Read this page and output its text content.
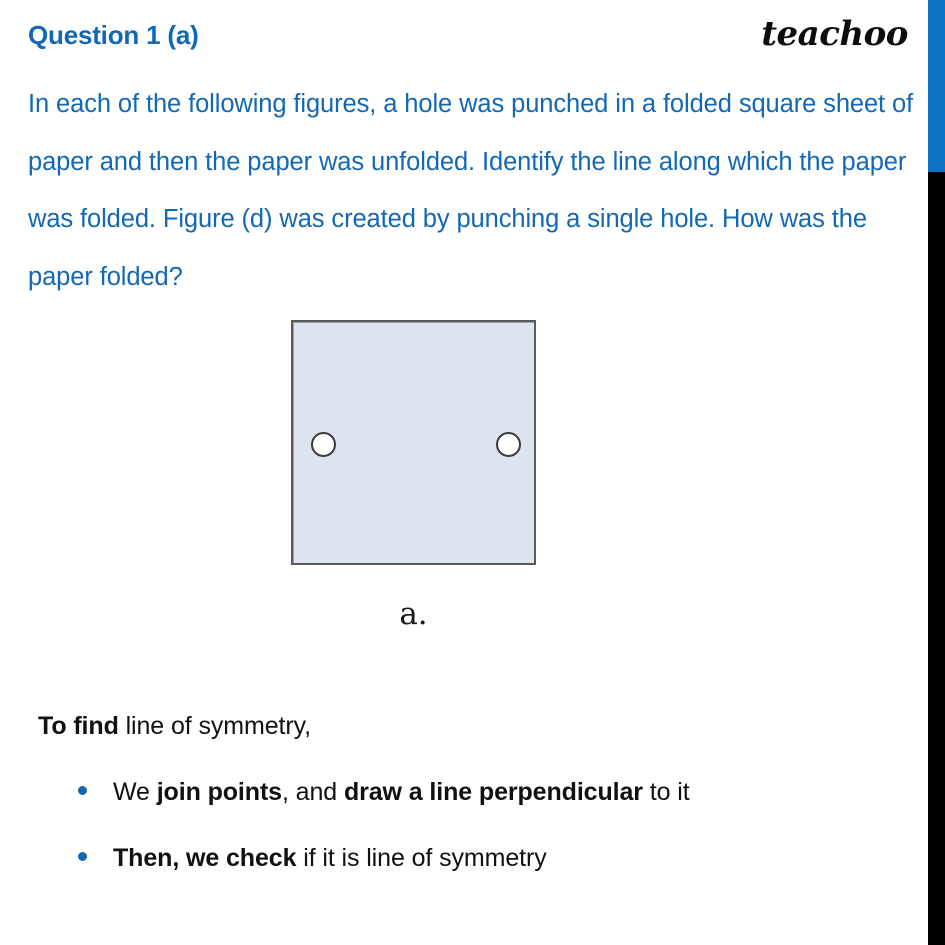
Question 1 (a)	teachoo
In each of the following figures, a hole was punched in a folded square sheet of paper and then the paper was unfolded. Identify the line along which the paper was folded. Figure (d) was created by punching a single hole. How was the paper folded?
a.
To find line of symmetry,
We join points, and draw a line perpendicular to it
Then, we check if it is line of symmetry
